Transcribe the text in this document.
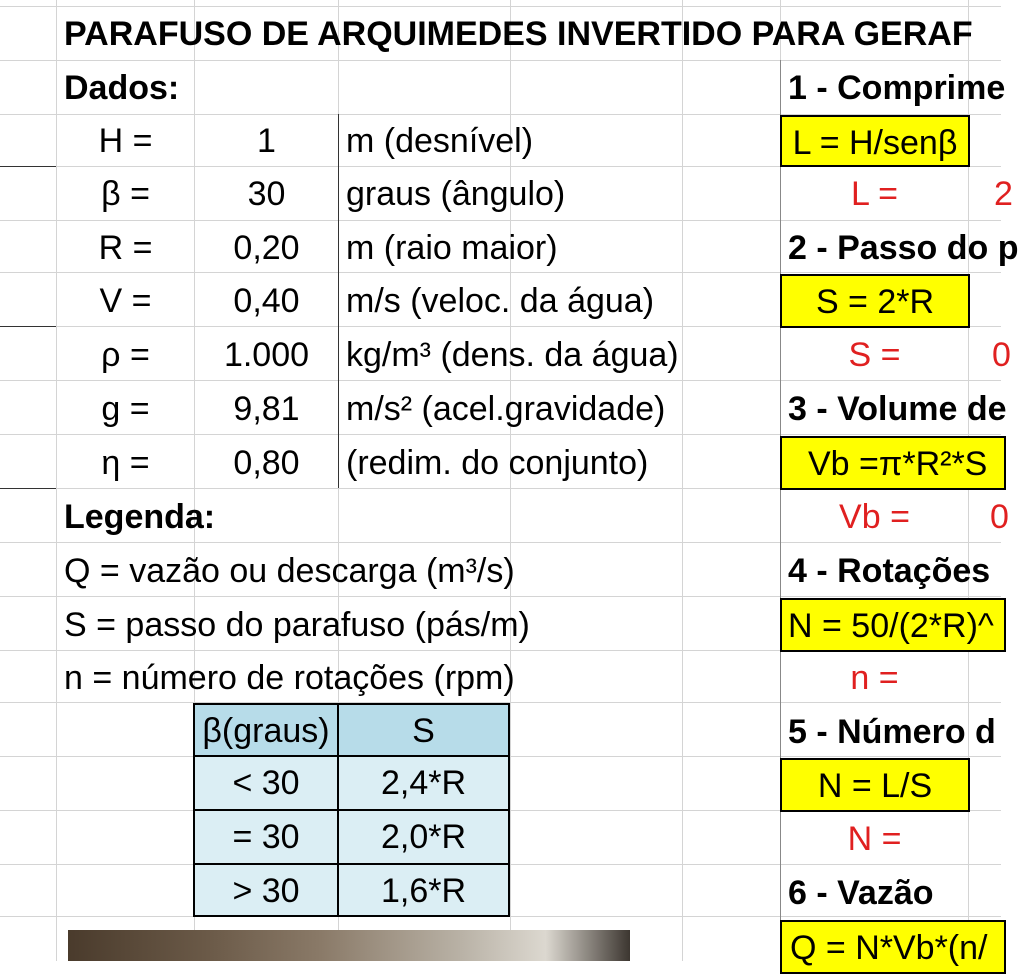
PARAFUSO DE ARQUIMEDES INVERTIDO PARA GERAF
Dados:
H =	1	m (desnível)
β =	30	graus (ângulo)
R =	0,20	m (raio maior)
V =	0,40	m/s (veloc. da água)
ρ =	1.000	kg/m³ (dens. da água)
g =	9,81	m/s² (acel.gravidade)
η =	0,80	(redim. do conjunto)
Legenda:
Q = vazão ou descarga (m³/s)
S = passo do parafuso (pás/m)
n = número de rotações (rpm)
β(graus)	S
< 30	2,4*R
= 30	2,0*R
> 30	1,6*R
1 - Comprime
L = H/senβ
L =	2
2 - Passo do p
S = 2*R
S =	0
3 - Volume de
Vb =π*R²*S
Vb =	0
4 - Rotações
N = 50/(2*R)^
n =
5 - Número d
N = L/S
N =
6 - Vazão
Q = N*Vb*(n/
